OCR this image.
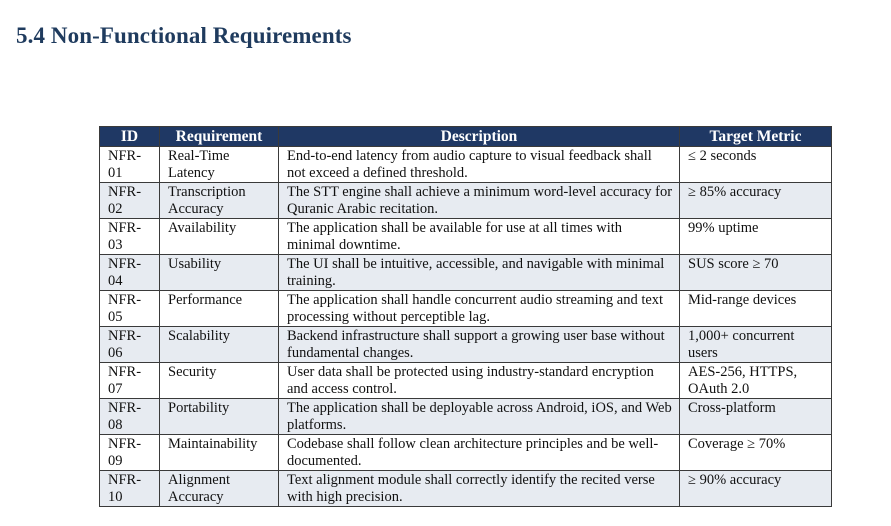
5.4 Non-Functional Requirements
ID	Requirement	Description	Target Metric
NFR-01	Real-Time Latency	End-to-end latency from audio capture to visual feedback shall not exceed a defined threshold.	≤ 2 seconds
NFR-02	Transcription Accuracy	The STT engine shall achieve a minimum word-level accuracy for Quranic Arabic recitation.	≥ 85% accuracy
NFR-03	Availability	The application shall be available for use at all times with minimal downtime.	99% uptime
NFR-04	Usability	The UI shall be intuitive, accessible, and navigable with minimal training.	SUS score ≥ 70
NFR-05	Performance	The application shall handle concurrent audio streaming and text processing without perceptible lag.	Mid-range devices
NFR-06	Scalability	Backend infrastructure shall support a growing user base without fundamental changes.	1,000+ concurrent users
NFR-07	Security	User data shall be protected using industry-standard encryption and access control.	AES-256, HTTPS, OAuth 2.0
NFR-08	Portability	The application shall be deployable across Android, iOS, and Web platforms.	Cross-platform
NFR-09	Maintainability	Codebase shall follow clean architecture principles and be well-documented.	Coverage ≥ 70%
NFR-10	Alignment Accuracy	Text alignment module shall correctly identify the recited verse with high precision.	≥ 90% accuracy
